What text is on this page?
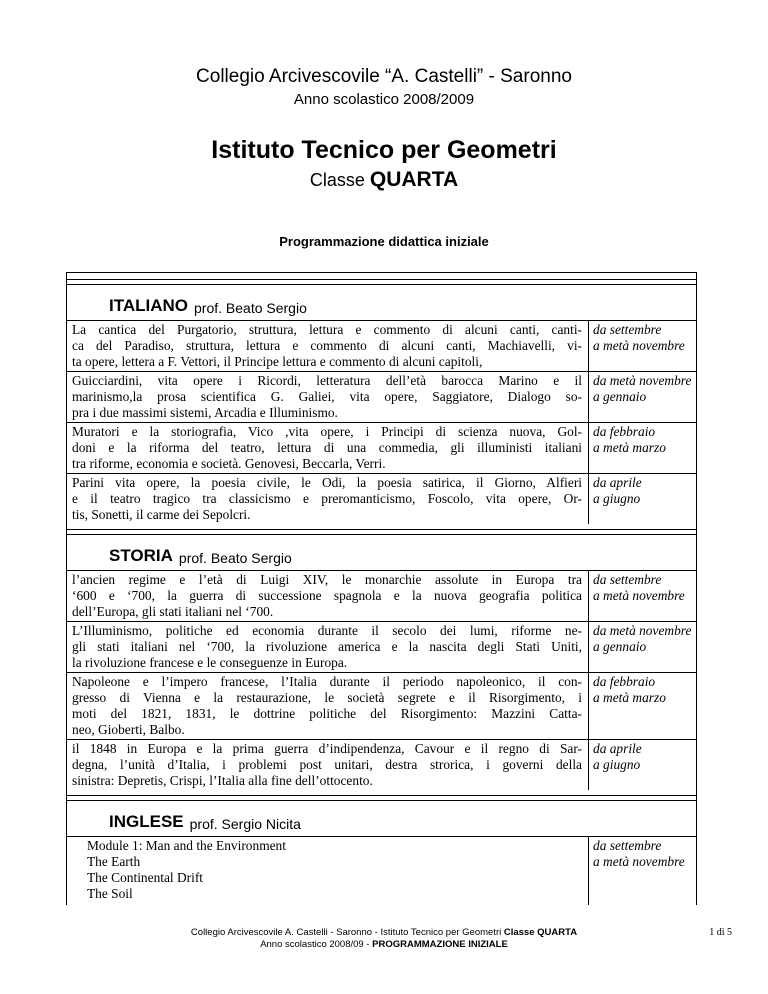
Collegio Arcivescovile “A. Castelli” - Saronno
Anno scolastico 2008/2009
Istituto Tecnico per Geometri
Classe QUARTA
Programmazione didattica iniziale
ITALIANO prof. Beato Sergio
La cantica del Purgatorio, struttura, lettura e commento di alcuni canti, canti-
ca del Paradiso, struttura, lettura e commento di alcuni canti, Machiavelli, vi-
ta opere, lettera a F. Vettori, il Principe lettura e commento di alcuni capitoli,
da settembre
a metà novembre
Guicciardini, vita opere i Ricordi, letteratura dell’età barocca Marino e il
marinismo,la prosa scientifica G. Galiei, vita opere, Saggiatore, Dialogo so-
pra i due massimi sistemi, Arcadia e Illuminismo.
da metà novembre
a gennaio
Muratori e la storiografia, Vico ,vita opere, i Principi di scienza nuova, Gol-
doni e la riforma del teatro, lettura di una commedia, gli illuministi italiani
tra riforme, economia e società. Genovesi, Beccarla, Verri.
da febbraio
a metà marzo
Parini vita opere, la poesia civile, le Odi, la poesia satirica, il Giorno, Alfieri
e il teatro tragico tra classicismo e preromanticismo, Foscolo, vita opere, Or-
tis, Sonetti, il carme dei Sepolcri.
da aprile
a giugno
STORIA prof. Beato Sergio
l’ancien regime e l’età di Luigi XIV, le monarchie assolute in Europa tra
‘600 e ‘700, la guerra di successione spagnola e la nuova geografia politica
dell’Europa, gli stati italiani nel ‘700.
da settembre
a metà novembre
L’Illuminismo, politiche ed economia durante il secolo dei lumi, riforme ne-
gli stati italiani nel ‘700, la rivoluzione america e la nascita degli Stati Uniti,
la rivoluzione francese e le conseguenze in Europa.
da metà novembre
a gennaio
Napoleone e l’impero francese, l’Italia durante il periodo napoleonico, il con-
gresso di Vienna e la restaurazione, le società segrete e il Risorgimento, i
moti del 1821, 1831, le dottrine politiche del Risorgimento: Mazzini Catta-
neo, Gioberti, Balbo.
da febbraio
a metà marzo
il 1848 in Europa e la prima guerra d’indipendenza, Cavour e il regno di Sar-
degna, l’unità d’Italia, i problemi post unitari, destra strorica, i governi della
sinistra: Depretis, Crispi, l’Italia alla fine dell’ottocento.
da aprile
a giugno
INGLESE prof. Sergio Nicita
Module 1: Man and the Environment
The Earth
The Continental Drift
The Soil
da settembre
a metà novembre
Collegio Arcivescovile A. Castelli - Saronno - Istituto Tecnico per Geometri Classe QUARTA
Anno scolastico 2008/09 - PROGRAMMAZIONE INIZIALE
1 di 5
